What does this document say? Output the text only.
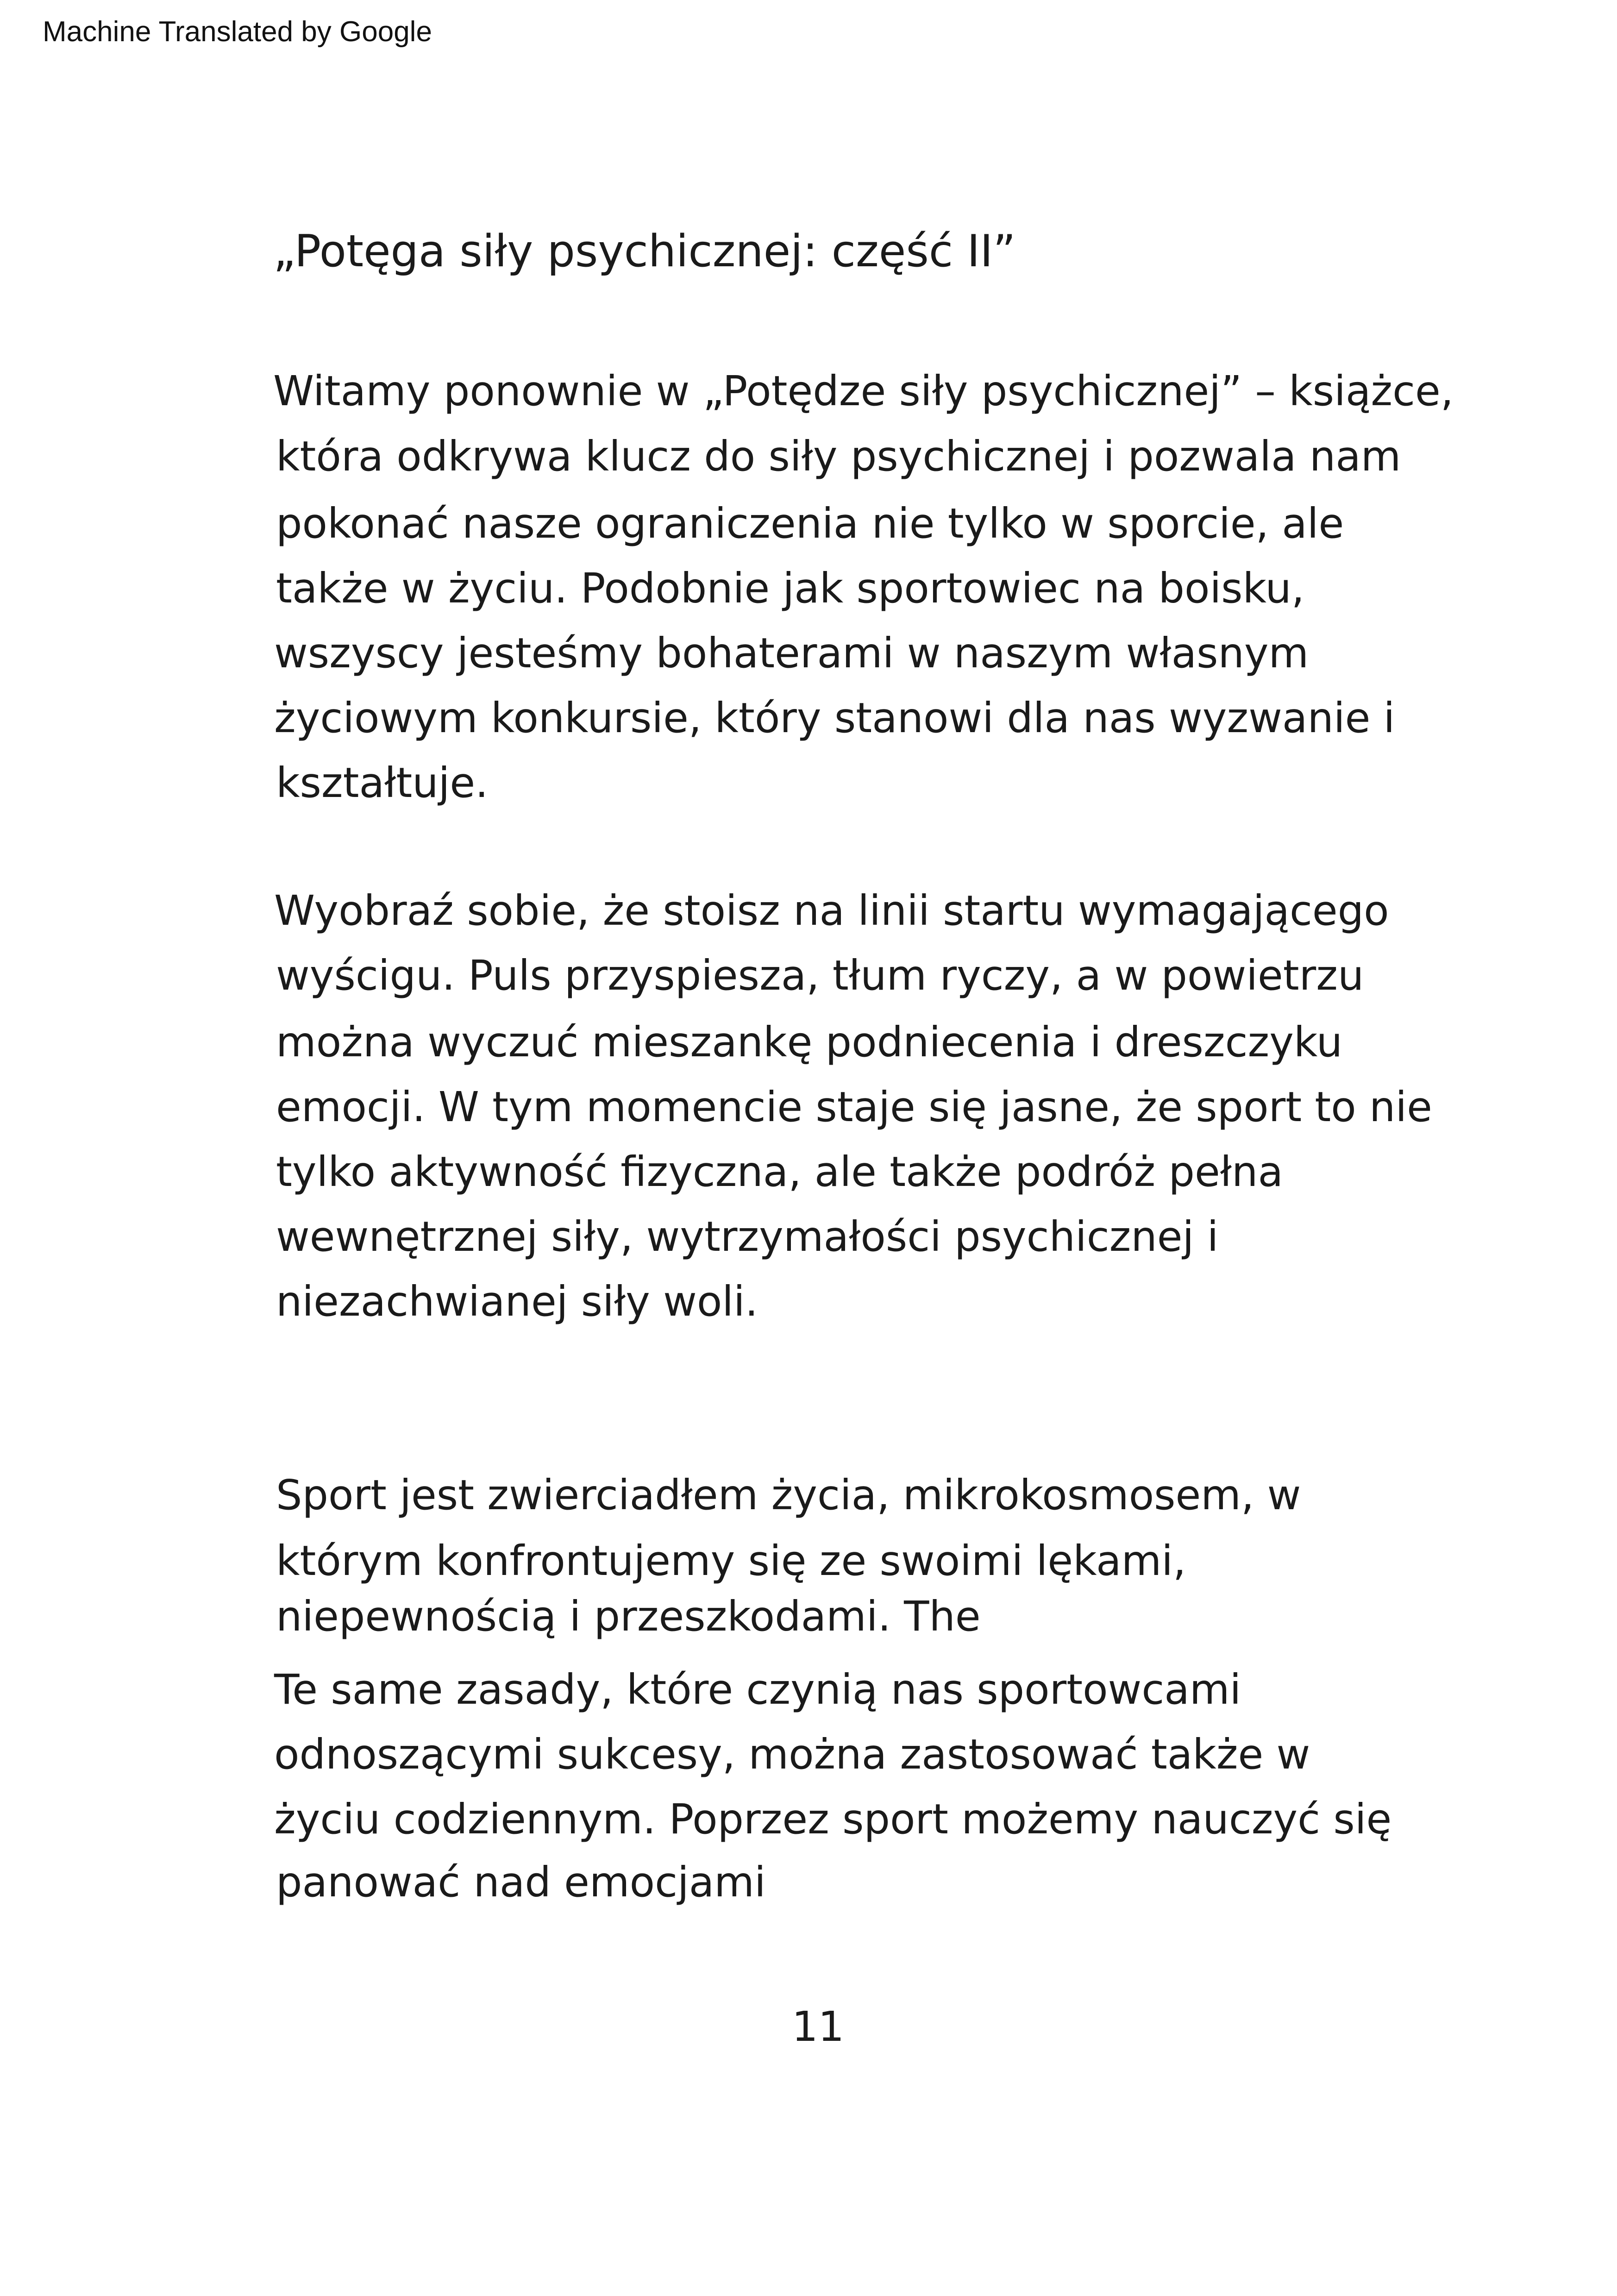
Machine Translated by Google
„Potęga siły psychicznej: część II”
Witamy ponownie w „Potędze siły psychicznej” – książce,
która odkrywa klucz do siły psychicznej i pozwala nam
pokonać nasze ograniczenia nie tylko w sporcie, ale
także w życiu. Podobnie jak sportowiec na boisku,
wszyscy jesteśmy bohaterami w naszym własnym
życiowym konkursie, który stanowi dla nas wyzwanie i
kształtuje.
Wyobraź sobie, że stoisz na linii startu wymagającego
wyścigu. Puls przyspiesza, tłum ryczy, a w powietrzu
można wyczuć mieszankę podniecenia i dreszczyku
emocji. W tym momencie staje się jasne, że sport to nie
tylko aktywność fizyczna, ale także podróż pełna
wewnętrznej siły, wytrzymałości psychicznej i
niezachwianej siły woli.
Sport jest zwierciadłem życia, mikrokosmosem, w
którym konfrontujemy się ze swoimi lękami,
niepewnością i przeszkodami. The
Te same zasady, które czynią nas sportowcami
odnoszącymi sukcesy, można zastosować także w
życiu codziennym. Poprzez sport możemy nauczyć się
panować nad emocjami
11
